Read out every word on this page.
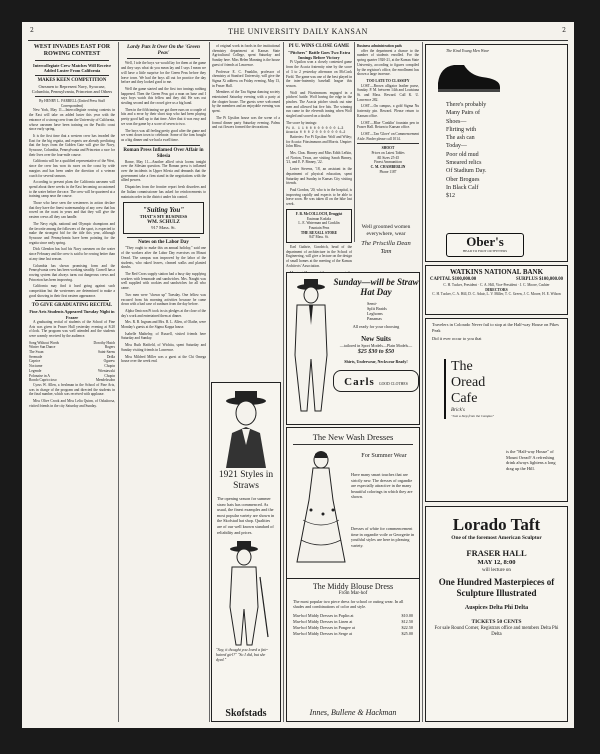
2	THE UNIVERSITY DAILY KANSAN	2
WEST INVADES EAST FOR ROWING CONTEST
Intercollegiate Crew Matches Will Receive Added Luster From California
MAKES KEEN COMPETITION
Oarsmen to Represent Navy, Syracuse, Columbia, Pennsylvania, Princeton and Others
By HENRY L. FARRELL (United Press Staff Correspondent)

New York, May 11—Intercollegiate rowing contests in the East will take on added luster this year with the entrance of a strong crew from the University of California, whose oarsmen have been training on the Pacific coast since early spring.

It is the first time that a western crew has invaded the East for the big regatta, and experts are already predicting that the boys from the Golden Gate will give the Navy, Syracuse, Columbia, Pennsylvania and Princeton a race for their lives over the four-mile course.

California will be a qualified representative of the West, since the crew has won its races on the coast by wide margins and has been under the direction of a veteran coach for several seasons.

According to present plans the California oarsmen will spend about three weeks in the East becoming accustomed to the water before the race. The crew will be quartered at a training camp near the course.

Those who have seen the westerners in action declare that they have the finest watermanship of any crew that has rowed on the coast in years and that they will give the eastern crews all they can handle.

The Navy eight, national and Olympic champions and the favorite among the followers of the sport, is expected to make the strongest bid for the title this year, although Syracuse and Pennsylvania have been pointing for the regatta since early spring.

Dick Glendon has had his Navy oarsmen on the water since February and the crew is said to be rowing better than at any time last season.

Columbia has shown promising form and the Pennsylvania crew has been working steadily. Cornell has a rowing system that always turns out dangerous crews and Princeton has been improving.

California may find it hard going against such competition but the westerners are determined to make a good showing in their first eastern appearance.

TO GIVE GRADUATING RECITAL
Fine Arts Students Appeared Tuesday Night in Frazer

A graduating recital of students of the School of Fine Arts was given in Fraser Hall yesterday evening at 8:20 o'clock. The program was well attended and the students were warmly received by the audience.

Song Without Words	Dorothy Hatch
Winter Sun Dance	Rogers
The Swan	Saint-Saens
Serenade	Drdla
Caprice	Ogarew
Nocturne	Chopin
Legende	Wieniawski
Polonaise in A	Chopin
Rondo Capriccioso	Mendelssohn

Cyrus W. Allen, a freshman in the School of Fine Arts, was in charge of the program and directed the students in the final number, which was received with applause.

Miss Olive Crook and Miss Lelia Quinn, of Oskaloosa, visited friends in the city Saturday and Sunday.

Lardy Pats It Over On the 'Green Peas'

Well, I tole the boys we would lay for them at the game and they says what do you mean lay and I says I mean we will have a little surprise for the Green Peas before they leave town. We had the boys all out for practice the day before and they looked good to me.

Well the game started and the first two innings nothing happened. Then the Green Peas got a man on base and I says boys watch this fellow and they did. He was out stealing second and the crowd give us a big hand.

Then in the fifth inning we got three runs on a couple of hits and a error by their short stop who had been playing pretty good ball up to that time. After that it was easy and we won the game by a score of seven to two.

The boys was all feeling pretty good after the game and we went down town to celebrate. Some of the fans bought us a big dinner and we had a swell time.

Roman Press Inflamed Over Affair in Silesia

Rome, May 11—Another allied crisis looms tonight over the Silesian question. The Roman press is inflamed over the incidents in Upper Silesia and demands that the government take a firm stand in the negotiations with the allied powers.

Dispatches from the frontier report fresh disorders and the Italian commissioner has asked for reinforcements to maintain order in the district under his control.

"Suiting You"
THAT'S MY BUSINESS
WM. SCHULZ
917 Mass. St.
Notes on the Labor Day

"They ought to make this an annual holiday," said one of the workers after the Labor Day exercises on Mount Oread. The campus was improved by the labor of the students, who raked leaves, cleaned walks and planted shrubs.

The Red Cross supply station had a busy day supplying workers with lemonade and sandwiches. Mrs. Naught was well supplied with cookies and sandwiches for all who came.

Two men were "shown up" Tuesday. One fellow was excused from his morning activities because he came down with a bad case of sunburn from the day before.

Alpha Omicron Pi took in six pledges at the close of the day's work and entertained them at dinner.

Mrs. R. B. Ingram and Mrs. R. L. Allen, of Olathe, were Monday's guests at the Sigma Kappa house.

Isabelle Mathelny, of Russell, visited friends here Saturday and Sunday.

Miss Ruth Hatfield, of Wichita, spent Saturday and Sunday visiting friends in Lawrence.

Miss Mildred Miller was a guest at the Chi Omega house over the week end.

of original work in foods in the institutional chemistry department at Kansas State Agricultural College, spent Saturday and Sunday here. Miss Helen Manning is the house guest of friends at Lawrence.

Professor E. C. Franklin, professor of chemistry at Stanford University, will give the Sigma Xi address on Friday evening, May 13, in Fraser Hall.

Members of the Tau Sigma dancing society entertained Saturday evening with a party at the chapter house. The guests were welcomed by the members and an enjoyable evening was spent.

The Pi Upsilon house was the scene of a formal dinner party Saturday evening. Palms and cut flowers formed the decorations.

1921 Styles in Straws
The opening season for summer straw hats has commenced. As usual, the finest examples and the most popular variety are shown in the Skofstad hat shop. Qualities are of our well known standard of reliability and prices.
"Say, it thought you loved a fair-haired girl?" "So I did, but she dyed."
Skofstads
PI U. WINS CLOSE GAME
"Pitchers" Battle Goes Two Extra Innings Before Victory

Pi Upsilon won a closely contested game from the Acacia fraternity nine by the score of 3 to 2 yesterday afternoon on McCook Field. The game was one of the best played in the inter-fraternity baseball league this season.

Wolf and Fitzsimmons engaged in a pitchers' battle. Wolf having the edge in the pinches. The Acacia pitcher struck out nine men and allowed but five hits. The winning run came in the eleventh inning when Wolf singled and scored on a double.

The score by innings:
Pi U. 1 1 0 0 0 0 0 0 0 0 1—3
Acacia 0 0 0 2 0 0 0 0 0 0 0—2

Batteries: For Pi Upsilon: Wolf and Wiley; for Acacia: Fitzsimmons and Morris. Umpire: John Bliss.

Mrs. Chas. Binney and Miss Edith Lefkin, of Norton, Texas, are visiting Sarah Binney, '21, and E. P. Binney, '22.

Lester Stevens, '18, an assistant in the department of physical education, spent Saturday and Sunday in Kansas City visiting friends.

Paul Gordon, '20, who is in the hospital, is improving rapidly and expects to be able to leave soon. He was taken ill on the hike last week.

F. B. McCOLLOCH, Druggist
Eastman Kodaks
L. E. Waterman and Conklin
Fountain Pens
THE REXALL STORE
847 Mass. St.

Earl Guthrie, Goodrich, head of the department of architecture in the School of Engineering, will give a lecture on the design of small homes at the meeting of the Kansas Architects' Association.

Business administration pads

offer the department a chance to the number of students enrolled. For the spring quarter 1920-21, at the Kansas State University, according to figures compiled by the registrar's office, the enrollment has shown a large increase.

TOO LATE TO CLASSIFY

LOST—Brown alligator leather purse, Sunday. P. M. between 14th and Louisiana St. and Mass. Reward. Call K. U. Lawrence 282.

LOST—On campus, a gold Sigma Nu fraternity pin. Reward. Please return to Kansan office.

LOST—Blue 'Conklin' fountain pen in Fraser Hall. Return to Kansan office.

LOST—Tan 'Glove' on Commencement Aisle. Finder please call 1014.

SHOOT
Prices on Latest Tables
All Sizes 25-45
Finest Ammunition
C. M. CHAMBERLIN
Phone 1187
Well groomed women everywhere, wear
The Priscilla Dean Tam
Sunday—will be Straw Hat Day
Semi-
Split Braids
Leghorns
Panamas
All ready for your choosing
New Suits
—tailored in Sport Models—Plain Models—
$25 $30 to $50
Shirts, Underwear, Neckwear Ready!
Carls GOOD CLOTHES
The New Wash Dresses
For Summer Wear
Have many smart touches that are strictly new. The dresses of organdie are especially attractive in the many beautiful colorings in which they are shown.
Dresses of white for commencement time in organdie voile or Georgette in youthful styles are here in pleasing variety.
The Middy Blouse Dress
From Mar-hof
The most popular two piece dress for school or outing wear. In all shades and combinations of color and style.
Mar-hof Middy Dresses in Poplin at	$10.00
Mar-hof Middy Dresses in Linen at	$12.50
Mar-hof Middy Dresses in Pongee at	$22.50
Mar-hof Middy Dresses in Serge at	$25.00
Innes, Bullene & Hackman
The Kind Young Men Wear
There's probably
Many Pairs of
Shoes—
Flirting with
The ash can
Today—
Poor old mud
Smeared relics
Of Stadium Day.
Ober Brogues
In Black Calf
$12
Ober's
HEAD TO FOOT OUTFITTERS
WATKINS NATIONAL BANK
CAPITAL $100,000.00	SURPLUS $100,000.00
C. H. Tucker, President · C. A. Hill, Vice-President · J. C. Moore, Cashier
DIRECTORS
C. H. Tucker, C. A. Hill, D. C. Adair, L. V. Miller, T. C. Green, J. C. Moore, H. E. Wilson
Travelers in Colorado Never fail to stop at the Half-way House on Pikes Peak
Did it ever occur to you that
The
Oread
Cafe
Brick's
"Just a Step from the Campus"
is the "Half-way House" of Mount Oread? A refreshing drink always lightens a long drag up the Hill.
Lorado Taft
One of the foremost American Sculptor
FRASER HALL
MAY 12, 8:00
will lecture on
One Hundred Masterpieces of
Sculpture Illustrated
Auspices Delta Phi Delta
TICKETS 50 CENTS
For sale Round Corner, Registrars office and members Delta Phi Delta
